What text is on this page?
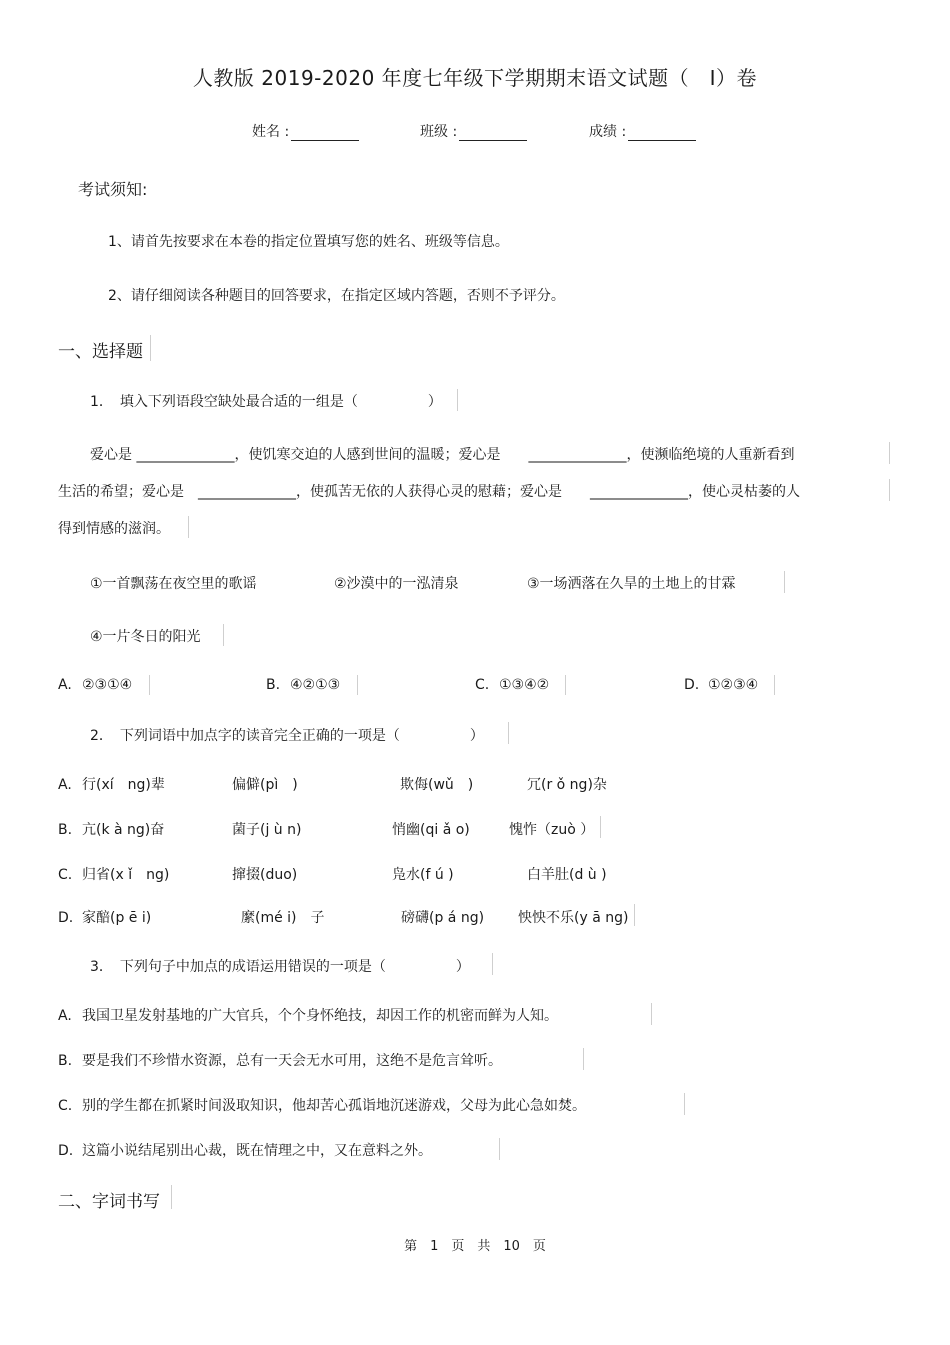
人教版 2019-2020 年度七年级下学期期末语文试题（　Ⅰ）卷
姓名 :	班级 :	成绩 :
考试须知:
1、请首先按要求在本卷的指定位置填写您的姓名、班级等信息。
2、请仔细阅读各种题目的回答要求，在指定区域内答题，否则不予评分。
一、选择题
1．　填入下列语段空缺处最合适的一组是（　　　　　）
爱心是 ______________，使饥寒交迫的人感到世间的温暖；爱心是　　______________，使濒临绝境的人重新看到
生活的希望；爱心是　______________，使孤苦无依的人获得心灵的慰藉；爱心是　　______________，使心灵枯萎的人
得到情感的滋润。
①一首飘荡在夜空里的歌谣	②沙漠中的一泓清泉	③一场洒落在久旱的土地上的甘霖
④一片冬日的阳光
A. ②③①④	B. ④②①③	C. ①③④②	D. ①②③④
2．　下列词语中加点字的读音完全正确的一项是（　　　　　）
A. 行(xí　ng)辈	偏僻(pì　)	欺侮(wǔ　)	冗(r ǒ ng)杂
B. 亢(k à ng)奋	菌子(j ù n)	悄幽(qi ǎ o)	愧怍（zuò ）
C. 归省(x ǐ　ng)	撺掇(duo)	凫水(f ú )	白羊肚(d ù )
D. 家醅(p ē i)	縻(mé i)　子	磅礴(p á ng) 怏怏不乐(y ā ng)
3．　下列句子中加点的成语运用错误的一项是（　　　　　）
A. 我国卫星发射基地的广大官兵，个个身怀绝技，却因工作的机密而鲜为人知。
B. 要是我们不珍惜水资源，总有一天会无水可用，这绝不是危言耸听。
C. 别的学生都在抓紧时间汲取知识，他却苦心孤诣地沉迷游戏，父母为此心急如焚。
D. 这篇小说结尾别出心裁，既在情理之中，又在意料之外。
二、字词书写
第　1　页　共　10　页
